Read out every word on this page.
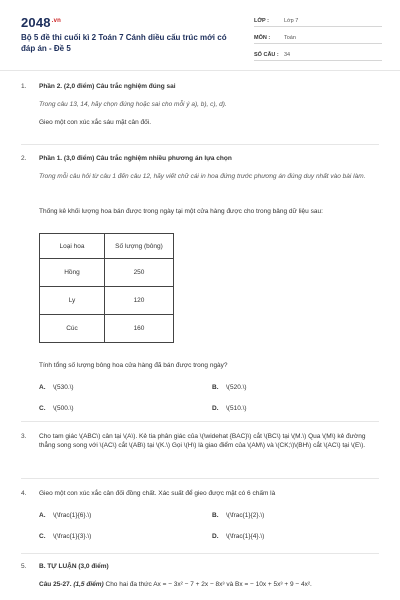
$2048^{.vn}$
Bộ 5 đề thi cuối kì 2 Toán 7 Cánh diều cấu trúc mới có đáp án - Đề 5
LỚP :	Lớp 7
MÔN :	Toán
SỐ CÂU : 34
1. Phần 2. (2,0 điểm) Câu trắc nghiệm đúng sai
Trong câu 13, 14, hãy chọn đúng hoặc sai cho mỗi ý a), b), c), d).
Gieo một con xúc xắc sáu mặt cân đối.
2. Phần 1. (3,0 điểm) Câu trắc nghiệm nhiều phương án lựa chọn
Trong mỗi câu hỏi từ câu 1 đến câu 12, hãy viết chữ cái in hoa đứng trước phương án đúng duy nhất vào bài làm.
Thống kê khối lượng hoa bán được trong ngày tại một cửa hàng được cho trong bảng dữ liệu sau:
Loại hoa	Số lượng (bông)
Hồng	250
Ly	120
Cúc	160
Tính tổng số lượng bông hoa cửa hàng đã bán được trong ngày?
A. \(530.\)	B. \(520.\)
C. \(500.\)	D. \(510.\)
3. Cho tam giác \(ABC\) cân tại \(A\). Kẻ tia phân giác của \(\widehat {BAC}\) cắt \(BC\) tại \(M.\) Qua \(M\) kẻ đường thẳng song song với \(AC\) cắt \(AB\) tại \(K.\) Gọi \(H\) là giao điểm của \(AM\) và \(CK;\)\(BH\) cắt \(AC\) tại \(E\).
4. Gieo một con xúc xắc cân đối đồng chất. Xác suất để gieo được mặt có 6 chấm là
A. \(\frac{1}{6}.\)	B. \(\frac{1}{2}.\)
C. \(\frac{1}{3}.\)	D. \(\frac{1}{4}.\)
5. B. TỰ LUẬN (3,0 điểm)
Câu 25-27. (1,5 điểm) Cho hai đa thức Ax = − 3x² − 7 + 2x − 8x³ và Bx = − 10x + 5x³ + 9 − 4x².
